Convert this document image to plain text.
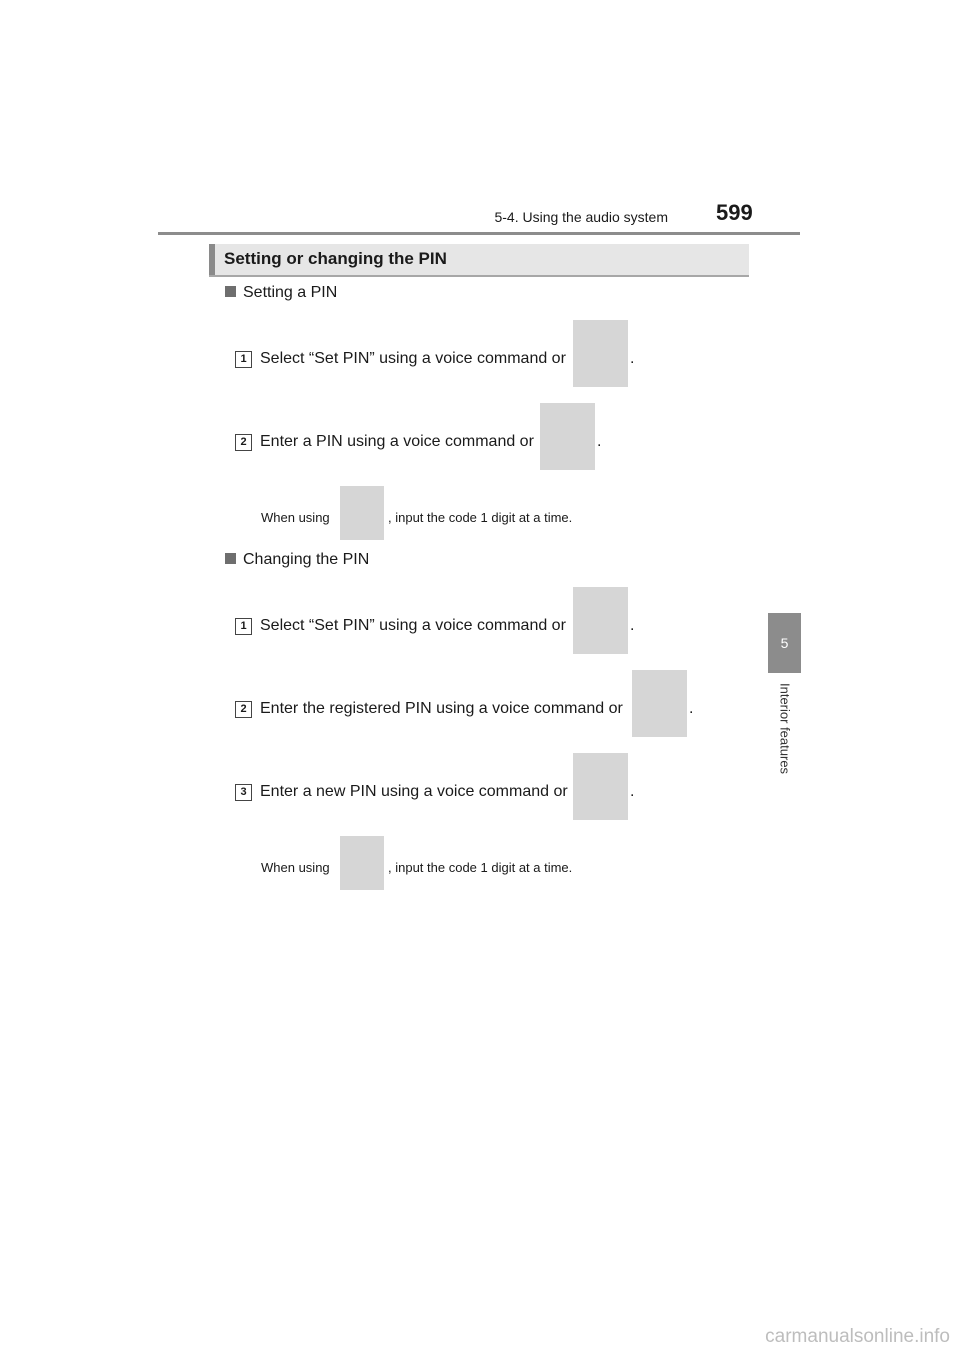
5-4. Using the audio system 599
Setting or changing the PIN
Setting a PIN
1 Select “Set PIN” using a voice command or	.
2 Enter a PIN using a voice command or	.
When using	, input the code 1 digit at a time.
Changing the PIN
1 Select “Set PIN” using a voice command or	.
2 Enter the registered PIN using a voice command or	.
3 Enter a new PIN using a voice command or	.
When using	, input the code 1 digit at a time.
5
Interior features
carmanualsonline.info
